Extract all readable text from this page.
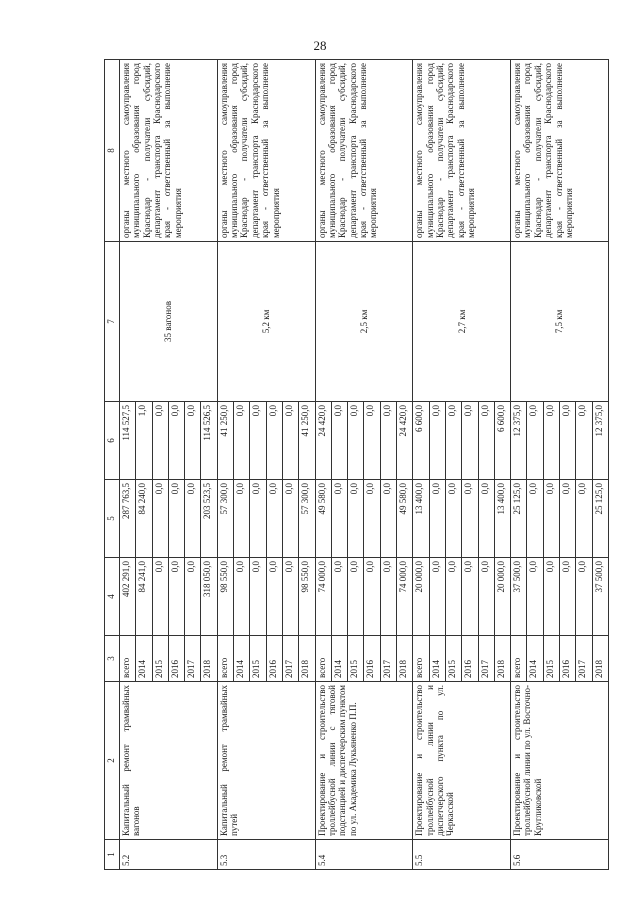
28
1	2	3	4	5	6	7	8
5.2	Капитальный ремонт трамвайных вагонов	всего	402 291,0	287 763,5	114 527,5	35 вагонов	органы местного самоуправления муниципального образования город Краснодар - получатели субсидий, департамент транспорта Краснодарского края - ответственный за выполнение мероприятия
		2014	84 241,0	84 240,0	1,0		
		2015	0,0	0,0	0,0		
		2016	0,0	0,0	0,0		
		2017	0,0	0,0	0,0		
		2018	318 050,0	203 523,5	114 526,5		
5.3	Капитальный ремонт трамвайных путей	всего	98 550,0	57 300,0	41 250,0	5,2 км	органы местного самоуправления муниципального образования город Краснодар - получатели субсидий, департамент транспорта Краснодарского края - ответственный за выполнение мероприятия
		2014	0,0	0,0	0,0		
		2015	0,0	0,0	0,0		
		2016	0,0	0,0	0,0		
		2017	0,0	0,0	0,0		
		2018	98 550,0	57 300,0	41 250,0		
5.4	Проектирование и строительство троллейбусной линии с тяговой подстанцией и диспетчерским пунктом по ул. Академика Лукьяненко П.П.	всего	74 000,0	49 580,0	24 420,0	2,5 км	органы местного самоуправления муниципального образования город Краснодар - получатели субсидий, департамент транспорта Краснодарского края - ответственный за выполнение мероприятия
		2014	0,0	0,0	0,0		
		2015	0,0	0,0	0,0		
		2016	0,0	0,0	0,0		
		2017	0,0	0,0	0,0		
		2018	74 000,0	49 580,0	24 420,0		
5.5	Проектирование и строительство троллейбусной линии и диспетчерского пункта по ул. Черкасской	всего	20 000,0	13 400,0	6 600,0	2,7 км	органы местного самоуправления муниципального образования город Краснодар - получатели субсидий, департамент транспорта Краснодарского края - ответственный за выполнение мероприятия
		2014	0,0	0,0	0,0		
		2015	0,0	0,0	0,0		
		2016	0,0	0,0	0,0		
		2017	0,0	0,0	0,0		
		2018	20 000,0	13 400,0	6 600,0		
5.6	Проектирование и строительство троллейбусной линии по ул. Восточно-Кругликовской	всего	37 500,0	25 125,0	12 375,0	7,5 км	органы местного самоуправления муниципального образования город Краснодар - получатели субсидий, департамент транспорта Краснодарского края - ответственный за выполнение мероприятия
		2014	0,0	0,0	0,0		
		2015	0,0	0,0	0,0		
		2016	0,0	0,0	0,0		
		2017	0,0	0,0	0,0		
		2018	37 500,0	25 125,0	12 375,0		
